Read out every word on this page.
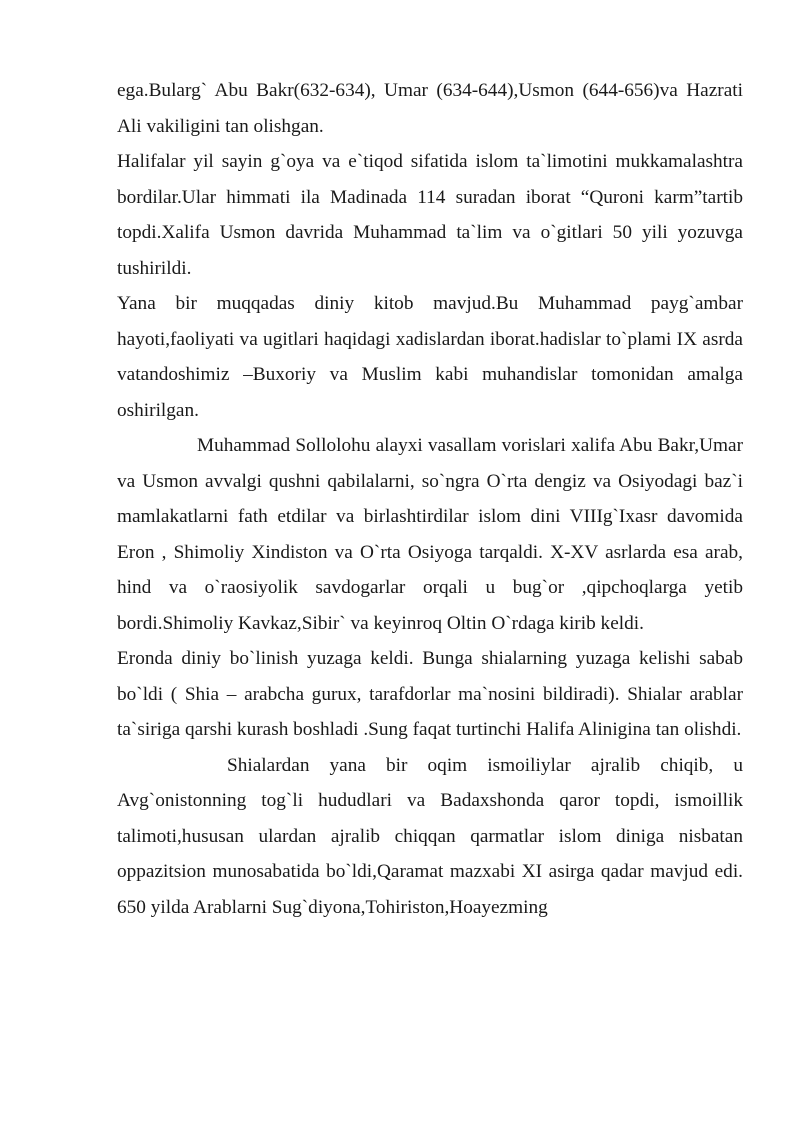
ega.Bularg` Abu Bakr(632-634), Umar (634-644),Usmon (644-656)va Hazrati Ali vakiligini tan olishgan.

Halifalar yil sayin g`oya va e`tiqod sifatida islom ta`limotini mukkamalashtra bordilar.Ular himmati ila Madinada 114 suradan iborat “Quroni karm”tartib topdi.Xalifa Usmon davrida Muhammad ta`lim va o`gitlari 50 yili yozuvga tushirildi.

Yana bir muqqadas diniy kitob mavjud.Bu Muhammad payg`ambar hayoti,faoliyati va ugitlari haqidagi xadislardan iborat.hadislar to`plami IX asrda vatandoshimiz –Buxoriy va Muslim kabi muhandislar tomonidan amalga oshirilgan.

Muhammad Sollolohu alayxi vasallam vorislari xalifa Abu Bakr,Umar va Usmon avvalgi qushni qabilalarni, so`ngra O`rta dengiz va Osiyodagi baz`i mamlakatlarni fath etdilar va birlashtirdilar islom dini VIIIg`Ixasr davomida Eron , Shimoliy Xindiston va O`rta Osiyoga tarqaldi. X-XV asrlarda esa arab, hind va o`raosiyolik savdogarlar orqali u bug`or ,qipchoqlarga yetib bordi.Shimoliy Kavkaz,Sibir` va keyinroq Oltin O`rdaga kirib keldi.

Eronda diniy bo`linish yuzaga keldi. Bunga shialarning yuzaga kelishi sabab bo`ldi ( Shia – arabcha gurux, tarafdorlar ma`nosini bildiradi). Shialar arablar ta`siriga qarshi kurash boshladi .Sung faqat turtinchi Halifa Alinigina tan olishdi.

Shialardan yana bir oqim ismoiliylar ajralib chiqib, u Avg`onistonning tog`li hududlari va Badaxshonda qaror topdi, ismoillik talimoti,hususan ulardan ajralib chiqqan qarmatlar islom diniga nisbatan oppazitsion munosabatida bo`ldi,Qaramat mazxabi XI asirga qadar mavjud edi. 650 yilda Arablarni Sug`diyona,Tohiriston,Hoayezming
